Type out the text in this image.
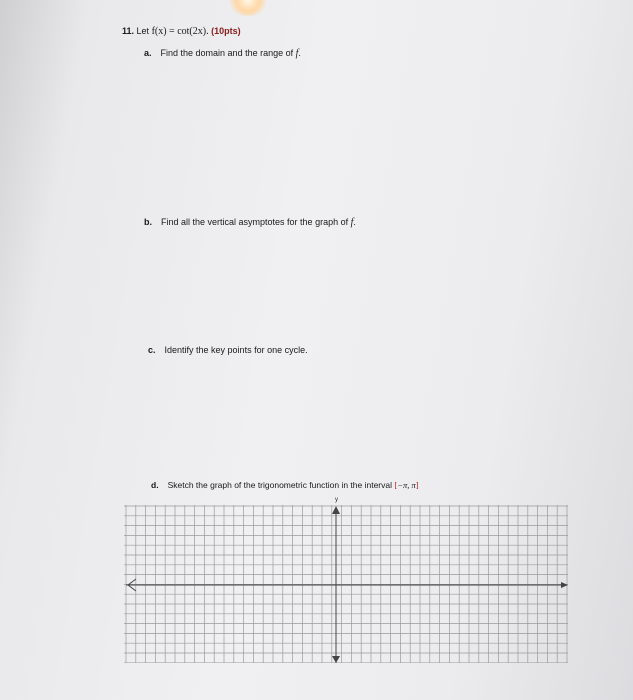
11. Let f(x) = cot(2x). (10pts)
a. Find the domain and the range of f.
b. Find all the vertical asymptotes for the graph of f.
c. Identify the key points for one cycle.
d. Sketch the graph of the trigonometric function in the interval [−π, π]
y
